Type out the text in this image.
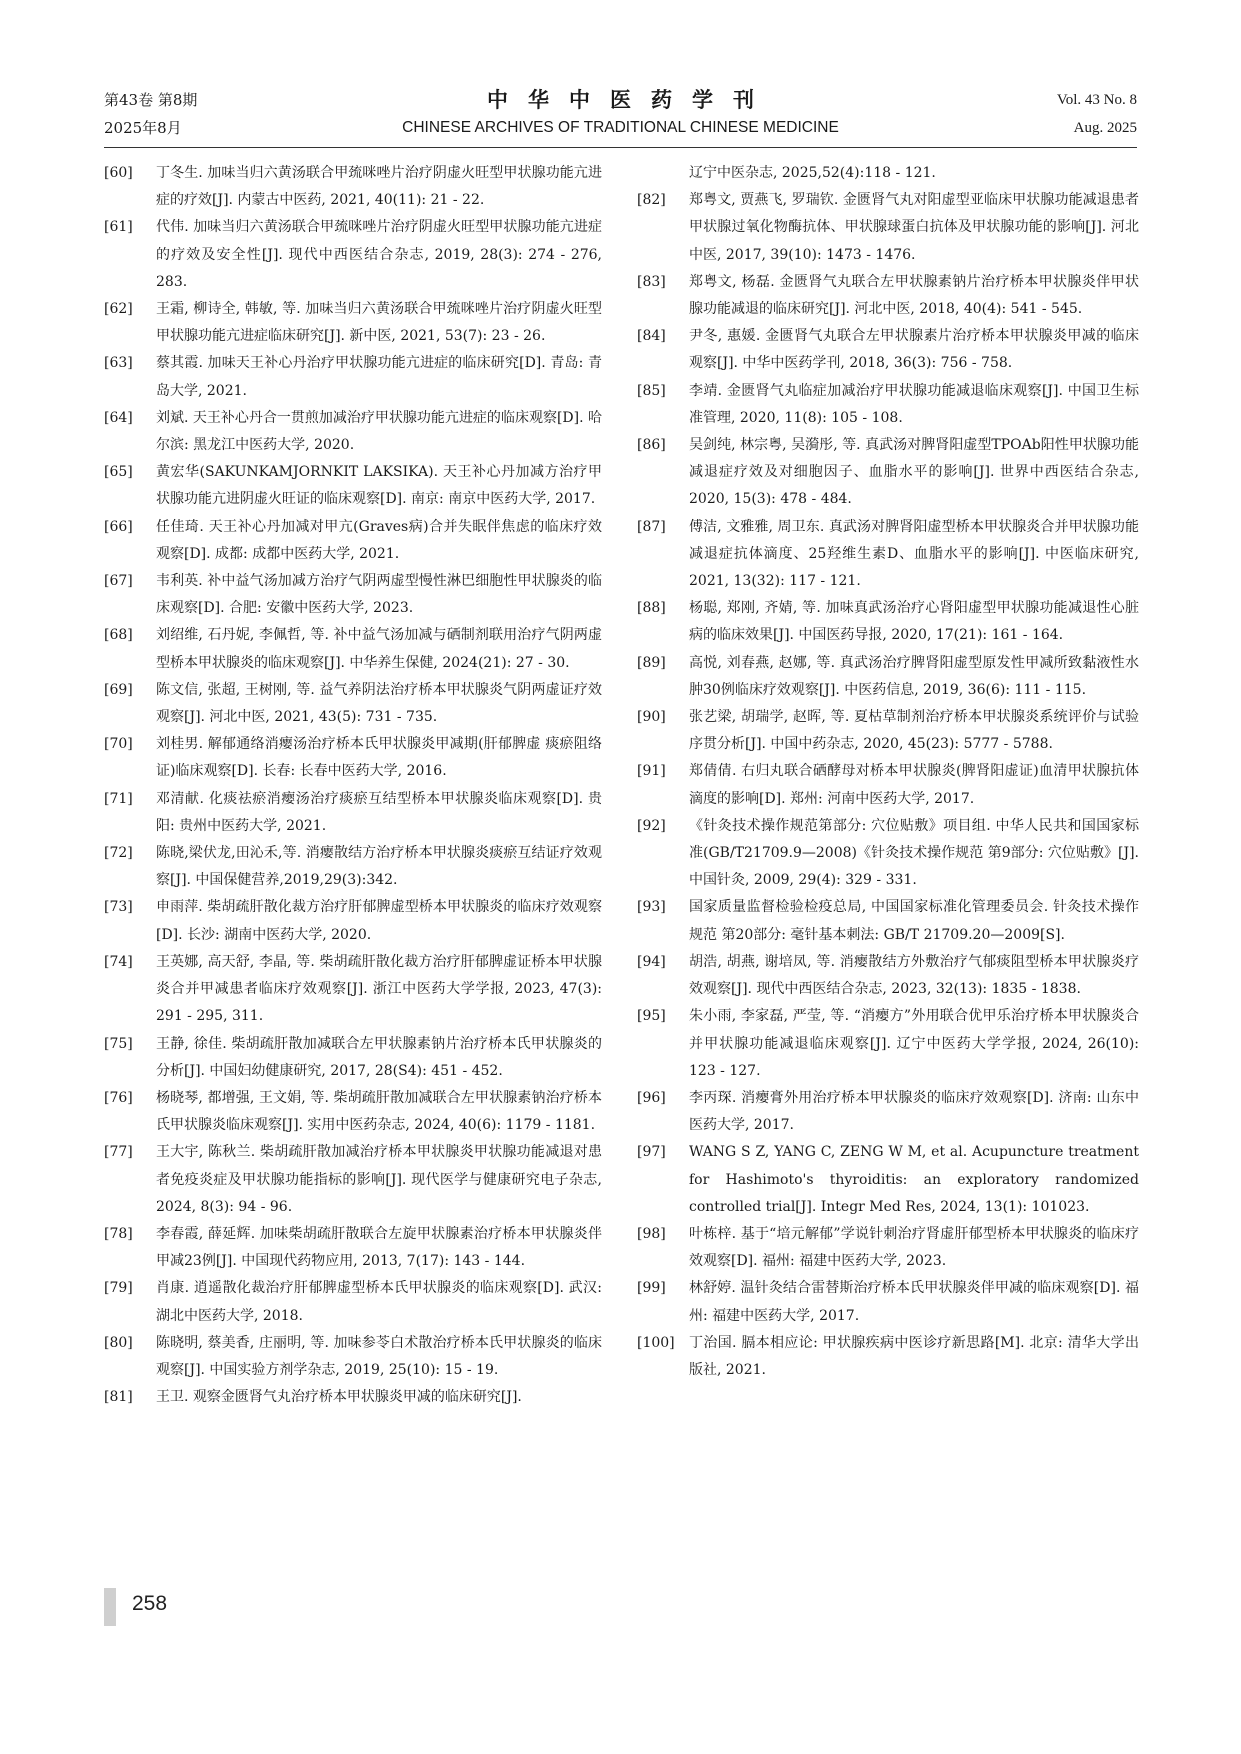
第43卷 第8期
2025年8月
中华中医药学刊
CHINESE ARCHIVES OF TRADITIONAL CHINESE MEDICINE
Vol. 43 No. 8
Aug. 2025
[60]	丁冬生. 加味当归六黄汤联合甲巯咪唑片治疗阴虚火旺型甲状腺功能亢进症的疗效[J]. 内蒙古中医药, 2021, 40(11): 21 - 22.
[61]	代伟. 加味当归六黄汤联合甲巯咪唑片治疗阴虚火旺型甲状腺功能亢进症的疗效及安全性[J]. 现代中西医结合杂志, 2019, 28(3): 274 - 276, 283.
[62]	王霜, 柳诗全, 韩敏, 等. 加味当归六黄汤联合甲巯咪唑片治疗阴虚火旺型甲状腺功能亢进症临床研究[J]. 新中医, 2021, 53(7): 23 - 26.
[63]	蔡其霞. 加味天王补心丹治疗甲状腺功能亢进症的临床研究[D]. 青岛: 青岛大学, 2021.
[64]	刘斌. 天王补心丹合一贯煎加减治疗甲状腺功能亢进症的临床观察[D]. 哈尔滨: 黑龙江中医药大学, 2020.
[65]	黄宏华(SAKUNKAMJORNKIT LAKSIKA). 天王补心丹加减方治疗甲状腺功能亢进阴虚火旺证的临床观察[D]. 南京: 南京中医药大学, 2017.
[66]	任佳琦. 天王补心丹加减对甲亢(Graves病)合并失眠伴焦虑的临床疗效观察[D]. 成都: 成都中医药大学, 2021.
[67]	韦利英. 补中益气汤加减方治疗气阴两虚型慢性淋巴细胞性甲状腺炎的临床观察[D]. 合肥: 安徽中医药大学, 2023.
[68]	刘绍维, 石丹妮, 李佩哲, 等. 补中益气汤加减与硒制剂联用治疗气阴两虚型桥本甲状腺炎的临床观察[J]. 中华养生保健, 2024(21): 27 - 30.
[69]	陈文信, 张超, 王树刚, 等. 益气养阴法治疗桥本甲状腺炎气阴两虚证疗效观察[J]. 河北中医, 2021, 43(5): 731 - 735.
[70]	刘桂男. 解郁通络消瘿汤治疗桥本氏甲状腺炎甲减期(肝郁脾虚 痰瘀阻络证)临床观察[D]. 长春: 长春中医药大学, 2016.
[71]	邓清献. 化痰祛瘀消瘿汤治疗痰瘀互结型桥本甲状腺炎临床观察[D]. 贵阳: 贵州中医药大学, 2021.
[72]	陈晓,梁伏龙,田沁禾,等. 消瘿散结方治疗桥本甲状腺炎痰瘀互结证疗效观察[J]. 中国保健营养,2019,29(3):342.
[73]	申雨萍. 柴胡疏肝散化裁方治疗肝郁脾虚型桥本甲状腺炎的临床疗效观察[D]. 长沙: 湖南中医药大学, 2020.
[74]	王英娜, 高天舒, 李晶, 等. 柴胡疏肝散化裁方治疗肝郁脾虚证桥本甲状腺炎合并甲减患者临床疗效观察[J]. 浙江中医药大学学报, 2023, 47(3): 291 - 295, 311.
[75]	王静, 徐佳. 柴胡疏肝散加减联合左甲状腺素钠片治疗桥本氏甲状腺炎的分析[J]. 中国妇幼健康研究, 2017, 28(S4): 451 - 452.
[76]	杨晓琴, 都增强, 王文娟, 等. 柴胡疏肝散加减联合左甲状腺素钠治疗桥本氏甲状腺炎临床观察[J]. 实用中医药杂志, 2024, 40(6): 1179 - 1181.
[77]	王大宇, 陈秋兰. 柴胡疏肝散加减治疗桥本甲状腺炎甲状腺功能减退对患者免疫炎症及甲状腺功能指标的影响[J]. 现代医学与健康研究电子杂志, 2024, 8(3): 94 - 96.
[78]	李春霞, 薛延辉. 加味柴胡疏肝散联合左旋甲状腺素治疗桥本甲状腺炎伴甲减23例[J]. 中国现代药物应用, 2013, 7(17): 143 - 144.
[79]	肖康. 逍遥散化裁治疗肝郁脾虚型桥本氏甲状腺炎的临床观察[D]. 武汉: 湖北中医药大学, 2018.
[80]	陈晓明, 蔡美香, 庄丽明, 等. 加味参苓白术散治疗桥本氏甲状腺炎的临床观察[J]. 中国实验方剂学杂志, 2019, 25(10): 15 - 19.
[81]	王卫. 观察金匮肾气丸治疗桥本甲状腺炎甲减的临床研究[J].
辽宁中医杂志, 2025,52(4):118 - 121.
[82]	郑粤文, 贾燕飞, 罗瑞钦. 金匮肾气丸对阳虚型亚临床甲状腺功能减退患者甲状腺过氧化物酶抗体、甲状腺球蛋白抗体及甲状腺功能的影响[J]. 河北中医, 2017, 39(10): 1473 - 1476.
[83]	郑粤文, 杨磊. 金匮肾气丸联合左甲状腺素钠片治疗桥本甲状腺炎伴甲状腺功能减退的临床研究[J]. 河北中医, 2018, 40(4): 541 - 545.
[84]	尹冬, 惠媛. 金匮肾气丸联合左甲状腺素片治疗桥本甲状腺炎甲减的临床观察[J]. 中华中医药学刊, 2018, 36(3): 756 - 758.
[85]	李靖. 金匮肾气丸临症加减治疗甲状腺功能减退临床观察[J]. 中国卫生标准管理, 2020, 11(8): 105 - 108.
[86]	吴剑纯, 林宗粤, 吴漪彤, 等. 真武汤对脾肾阳虚型TPOAb阳性甲状腺功能减退症疗效及对细胞因子、血脂水平的影响[J]. 世界中西医结合杂志, 2020, 15(3): 478 - 484.
[87]	傅洁, 文雅雅, 周卫东. 真武汤对脾肾阳虚型桥本甲状腺炎合并甲状腺功能减退症抗体滴度、25羟维生素D、血脂水平的影响[J]. 中医临床研究, 2021, 13(32): 117 - 121.
[88]	杨聪, 郑刚, 齐婧, 等. 加味真武汤治疗心肾阳虚型甲状腺功能减退性心脏病的临床效果[J]. 中国医药导报, 2020, 17(21): 161 - 164.
[89]	高悦, 刘春燕, 赵娜, 等. 真武汤治疗脾肾阳虚型原发性甲减所致黏液性水肿30例临床疗效观察[J]. 中医药信息, 2019, 36(6): 111 - 115.
[90]	张艺梁, 胡瑞学, 赵晖, 等. 夏枯草制剂治疗桥本甲状腺炎系统评价与试验序贯分析[J]. 中国中药杂志, 2020, 45(23): 5777 - 5788.
[91]	郑倩倩. 右归丸联合硒酵母对桥本甲状腺炎(脾肾阳虚证)血清甲状腺抗体滴度的影响[D]. 郑州: 河南中医药大学, 2017.
[92]	《针灸技术操作规范第部分: 穴位贴敷》项目组. 中华人民共和国国家标准(GB/T21709.9—2008)《针灸技术操作规范 第9部分: 穴位贴敷》[J]. 中国针灸, 2009, 29(4): 329 - 331.
[93]	国家质量监督检验检疫总局, 中国国家标准化管理委员会. 针灸技术操作规范 第20部分: 毫针基本刺法: GB/T 21709.20—2009[S].
[94]	胡浩, 胡燕, 谢培凤, 等. 消瘿散结方外敷治疗气郁痰阻型桥本甲状腺炎疗效观察[J]. 现代中西医结合杂志, 2023, 32(13): 1835 - 1838.
[95]	朱小雨, 李家磊, 严莹, 等. “消瘿方”外用联合优甲乐治疗桥本甲状腺炎合并甲状腺功能减退临床观察[J]. 辽宁中医药大学学报, 2024, 26(10): 123 - 127.
[96]	李丙琛. 消瘿膏外用治疗桥本甲状腺炎的临床疗效观察[D]. 济南: 山东中医药大学, 2017.
[97]	WANG S Z, YANG C, ZENG W M, et al. Acupuncture treatment for Hashimoto's thyroiditis: an exploratory randomized controlled trial[J]. Integr Med Res, 2024, 13(1): 101023.
[98]	叶栋梓. 基于“培元解郁”学说针刺治疗肾虚肝郁型桥本甲状腺炎的临床疗效观察[D]. 福州: 福建中医药大学, 2023.
[99]	林舒婷. 温针灸结合雷替斯治疗桥本氏甲状腺炎伴甲减的临床观察[D]. 福州: 福建中医药大学, 2017.
[100]	丁治国. 膈本相应论: 甲状腺疾病中医诊疗新思路[M]. 北京: 清华大学出版社, 2021.
258
